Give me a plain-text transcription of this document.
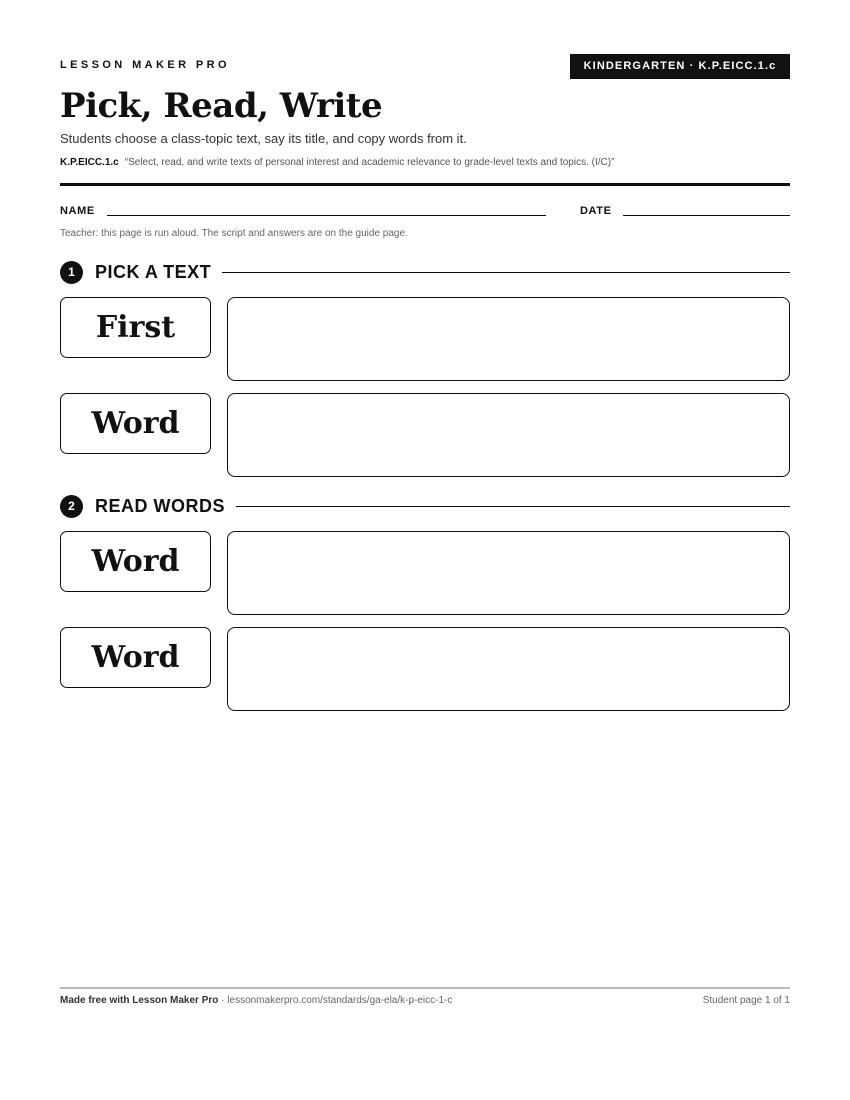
LESSON MAKER PRO	KINDERGARTEN · K.P.EICC.1.c
Pick, Read, Write
Students choose a class-topic text, say its title, and copy words from it.
K.P.EICC.1.c “Select, read, and write texts of personal interest and academic relevance to grade-level texts and topics. (I/C)”
NAME	DATE
Teacher: this page is run aloud. The script and answers are on the guide page.
1	PICK A TEXT
First
Word
2	READ WORDS
Word
Word
Made free with Lesson Maker Pro · lessonmakerpro.com/standards/ga-ela/k-p-eicc-1-c	Student page 1 of 1
